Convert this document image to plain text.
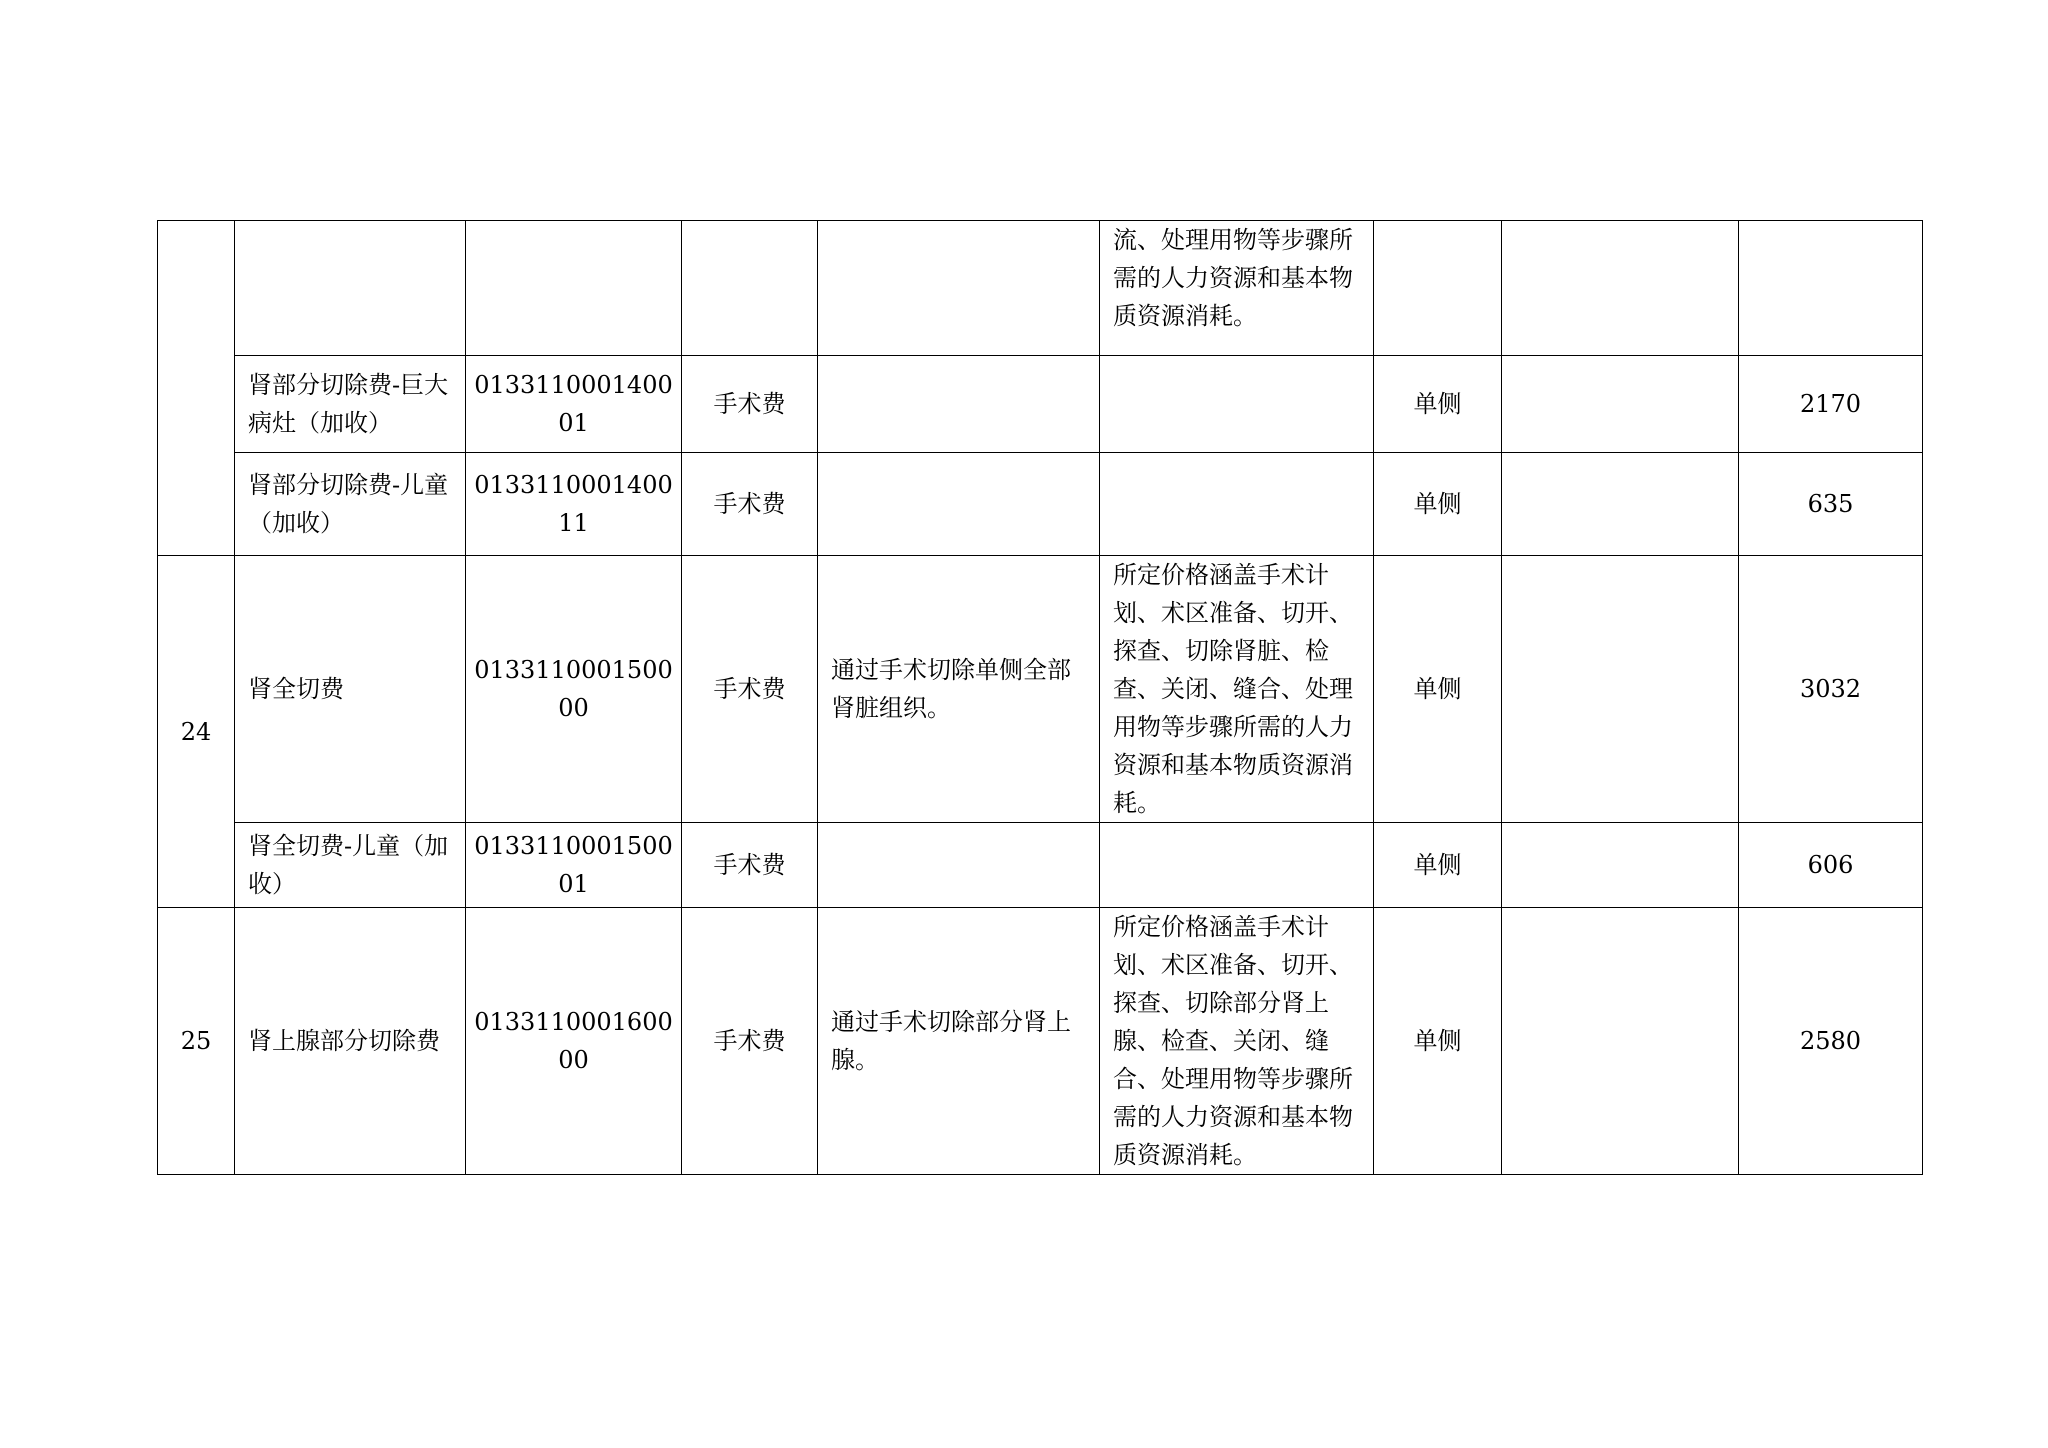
					流、处理用物等步骤所需的人力资源和基本物质资源消耗。			
	肾部分切除费-巨大病灶（加收）	013311000140001	手术费			单侧		2170
	肾部分切除费-儿童（加收）	013311000140011	手术费			单侧		635
24	肾全切费	013311000150000	手术费	通过手术切除单侧全部肾脏组织。	所定价格涵盖手术计划、术区准备、切开、探查、切除肾脏、检查、关闭、缝合、处理用物等步骤所需的人力资源和基本物质资源消耗。	单侧		3032
	肾全切费-儿童（加收）	013311000150001	手术费			单侧		606
25	肾上腺部分切除费	013311000160000	手术费	通过手术切除部分肾上腺。	所定价格涵盖手术计划、术区准备、切开、探查、切除部分肾上腺、检查、关闭、缝合、处理用物等步骤所需的人力资源和基本物质资源消耗。	单侧		2580
